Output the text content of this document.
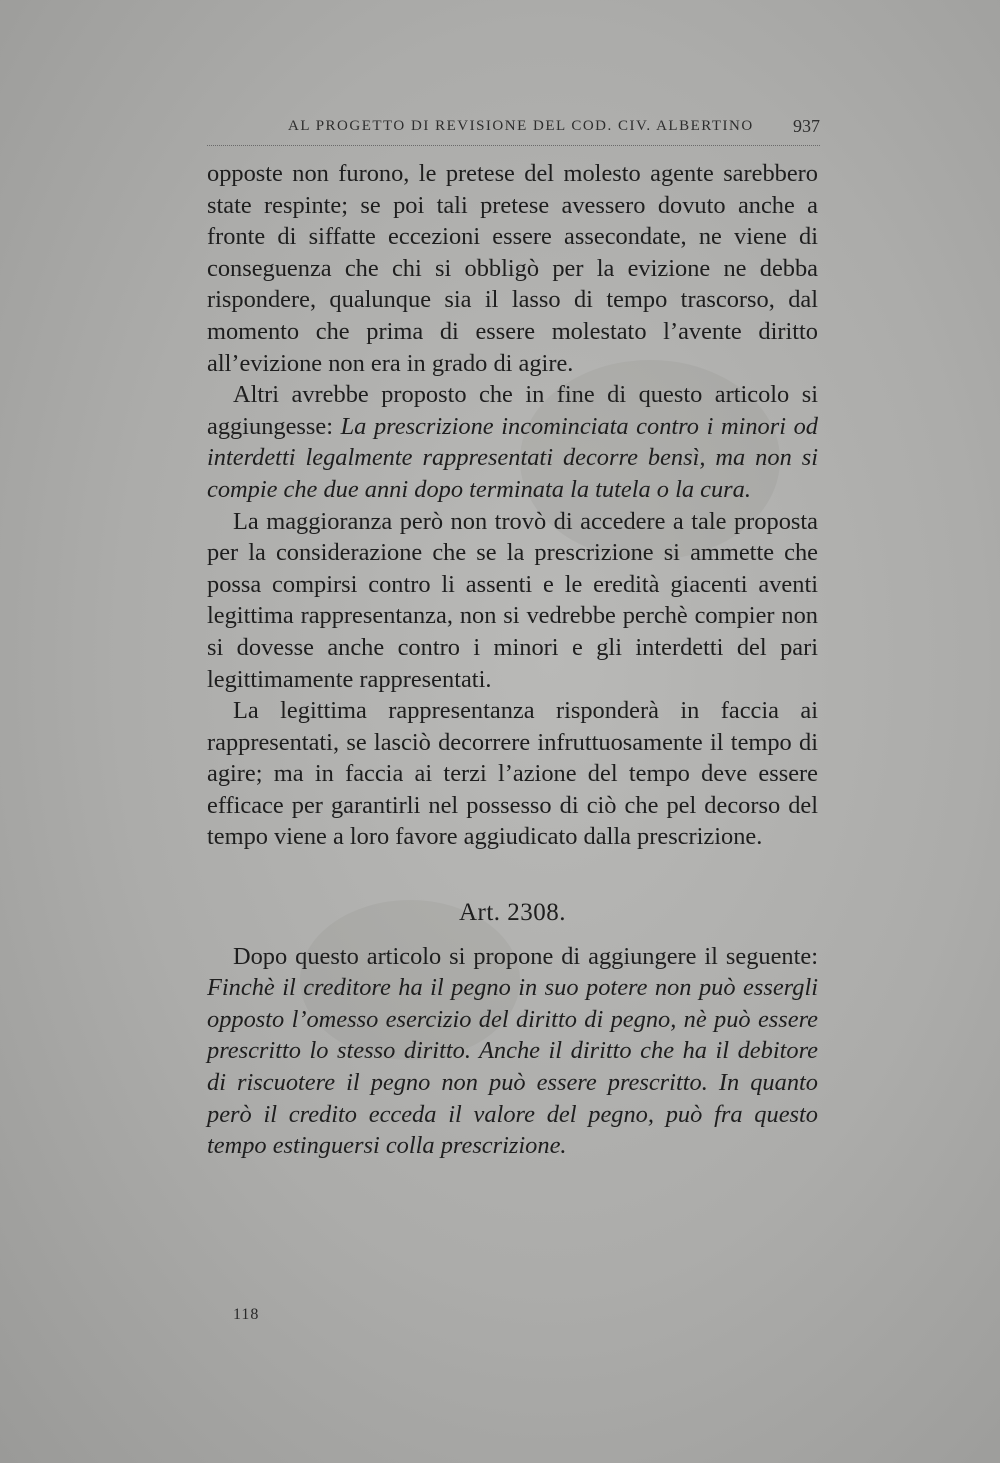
AL PROGETTO DI REVISIONE DEL COD. CIV. ALBERTINO 937

opposte non furono, le pretese del molesto agente sarebbero state respinte; se poi tali pretese avessero dovuto anche a fronte di siffatte eccezioni essere assecondate, ne viene di conseguenza che chi si obbligò per la evizione ne debba rispondere, qualunque sia il lasso di tempo trascorso, dal momento che prima di essere molestato l’avente diritto all’evizione non era in grado di agire.

Altri avrebbe proposto che in fine di questo articolo si aggiungesse: La prescrizione incominciata contro i minori od interdetti legalmente rappresentati decorre bensì, ma non si compie che due anni dopo terminata la tutela o la cura.

La maggioranza però non trovò di accedere a tale proposta per la considerazione che se la prescrizione si ammette che possa compirsi contro li assenti e le eredità giacenti aventi legittima rappresentanza, non si vedrebbe perchè compier non si dovesse anche contro i minori e gli interdetti del pari legittimamente rappresentati.

La legittima rappresentanza risponderà in faccia ai rappresentati, se lasciò decorrere infruttuosamente il tempo di agire; ma in faccia ai terzi l’azione del tempo deve essere efficace per garantirli nel possesso di ciò che pel decorso del tempo viene a loro favore aggiudicato dalla prescrizione.

Art. 2308.

Dopo questo articolo si propone di aggiungere il seguente: Finchè il creditore ha il pegno in suo potere non può essergli opposto l’omesso esercizio del diritto di pegno, nè può essere prescritto lo stesso diritto. Anche il diritto che ha il debitore di riscuotere il pegno non può essere prescritto. In quanto però il credito ecceda il valore del pegno, può fra questo tempo estinguersi colla prescrizione.

118
